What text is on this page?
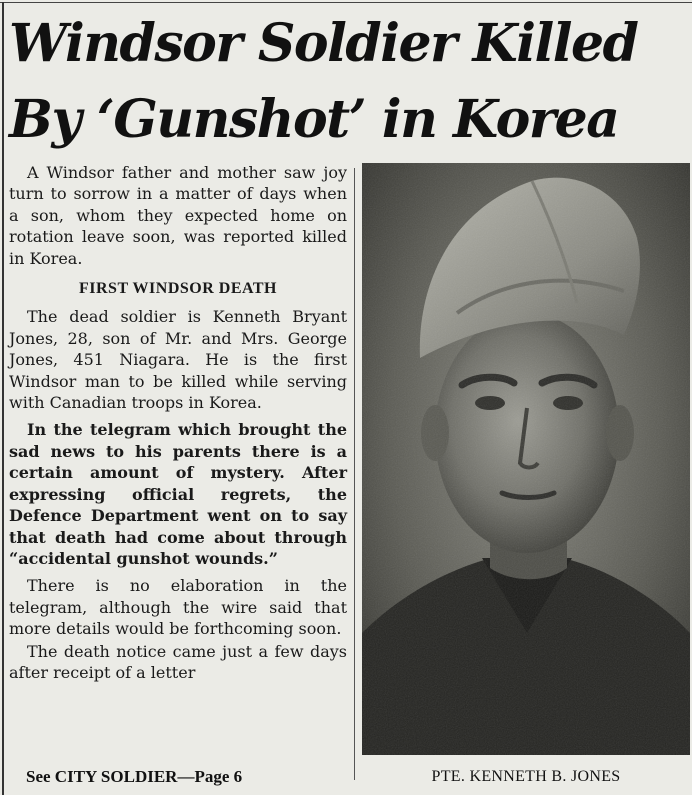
Windsor Soldier Killed
By ‘Gunshot’ in Korea

A Windsor father and mother saw joy turn to sorrow in a matter of days when a son, whom they expected home on rotation leave soon, was reported killed in Korea.

FIRST WINDSOR DEATH

The dead soldier is Kenneth Bryant Jones, 28, son of Mr. and Mrs. George Jones, 451 Niagara. He is the first Windsor man to be killed while serving with Canadian troops in Korea.

In the telegram which brought the sad news to his parents there is a certain amount of mystery. After expressing official regrets, the Defence Department went on to say that death had come about through “accidental gunshot wounds.”

There is no elaboration in the telegram, although the wire said that more details would be forthcoming soon.

The death notice came just a few days after receipt of a letter

See CITY SOLDIER—Page 6	PTE. KENNETH B. JONES
